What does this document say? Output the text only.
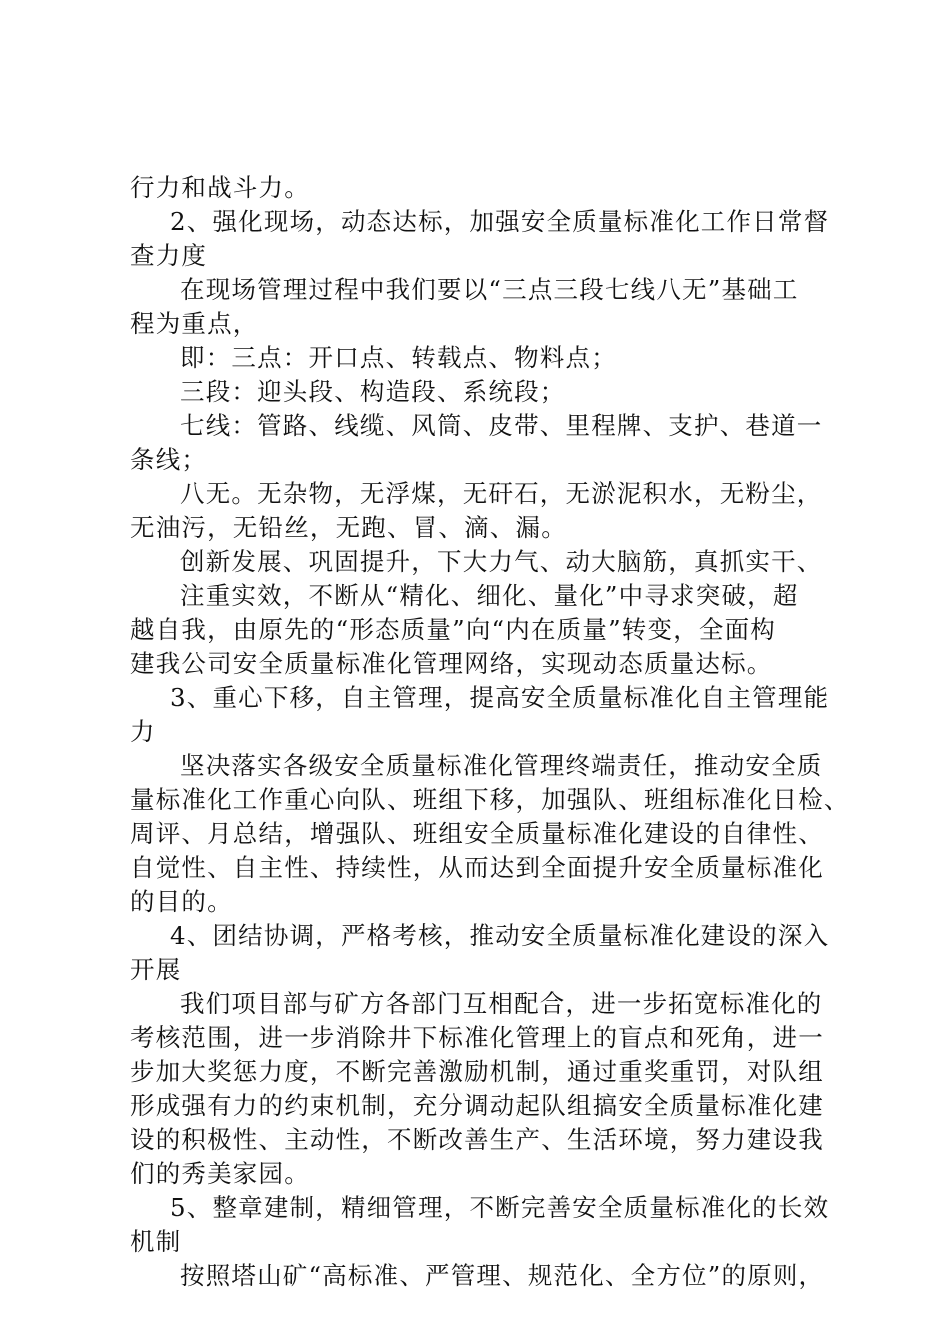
行力和战斗力。
2、强化现场，动态达标，加强安全质量标准化工作日常督
查力度
在现场管理过程中我们要以“三点三段七线八无”基础工
程为重点，
即：三点：开口点、转载点、物料点；
三段：迎头段、构造段、系统段；
七线：管路、线缆、风筒、皮带、里程牌、支护、巷道一
条线；
八无。无杂物，无浮煤，无矸石，无淤泥积水，无粉尘，
无油污，无铅丝，无跑、冒、滴、漏。
创新发展、巩固提升，下大力气、动大脑筋，真抓实干、
注重实效，不断从“精化、细化、量化”中寻求突破，超
越自我，由原先的“形态质量”向“内在质量”转变，全面构
建我公司安全质量标准化管理网络，实现动态质量达标。
3、重心下移，自主管理，提高安全质量标准化自主管理能
力
坚决落实各级安全质量标准化管理终端责任，推动安全质
量标准化工作重心向队、班组下移，加强队、班组标准化日检、
周评、月总结，增强队、班组安全质量标准化建设的自律性、
自觉性、自主性、持续性，从而达到全面提升安全质量标准化
的目的。
4、团结协调，严格考核，推动安全质量标准化建设的深入
开展
我们项目部与矿方各部门互相配合，进一步拓宽标准化的
考核范围，进一步消除井下标准化管理上的盲点和死角，进一
步加大奖惩力度，不断完善激励机制，通过重奖重罚，对队组
形成强有力的约束机制，充分调动起队组搞安全质量标准化建
设的积极性、主动性，不断改善生产、生活环境，努力建设我
们的秀美家园。
5、整章建制，精细管理，不断完善安全质量标准化的长效
机制
按照塔山矿“高标准、严管理、规范化、全方位”的原则，
